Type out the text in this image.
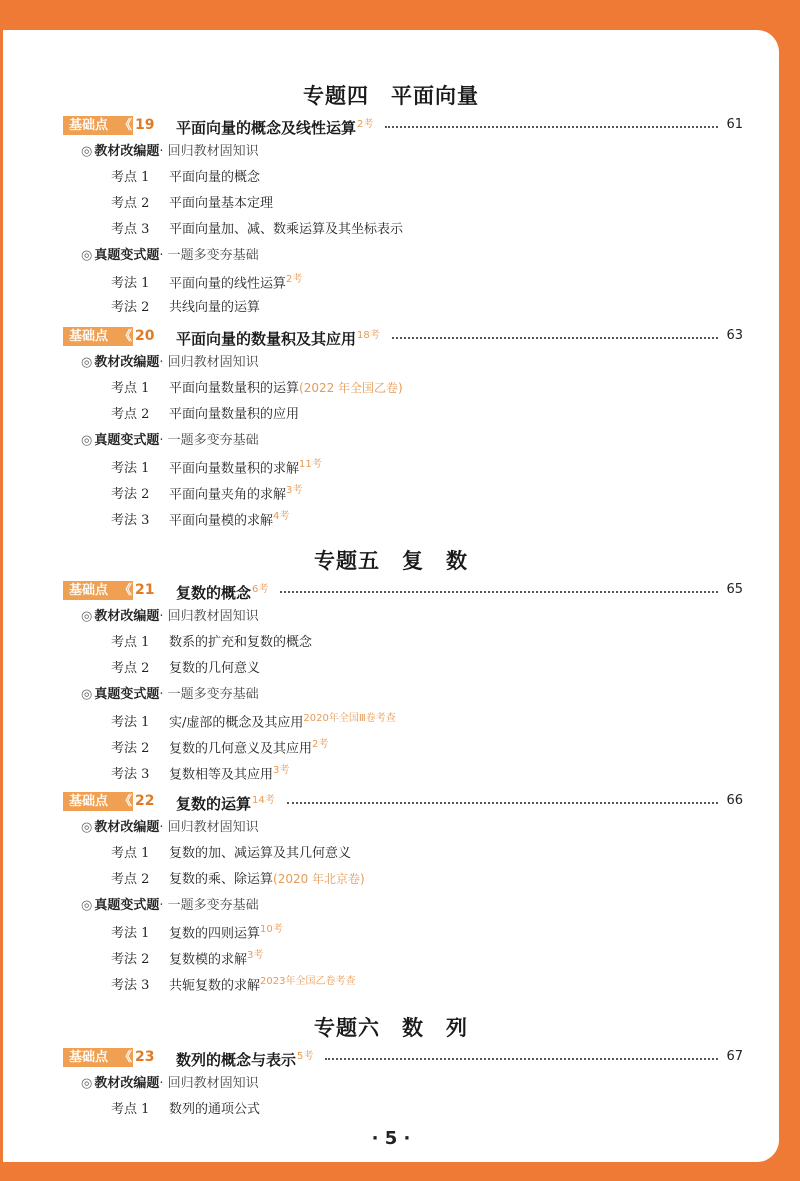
专题四　平面向量
基础点 《 19 平面向量的概念及线性运算$^{2考}$	61
◎ 教材改编题· 回归教材固知识
考点 1 平面向量的概念
考点 2 平面向量基本定理
考点 3 平面向量加、减、数乘运算及其坐标表示
◎ 真题变式题· 一题多变夯基础
考法 1 平面向量的线性运算$^{2考}$
考法 2 共线向量的运算
基础点 《 20 平面向量的数量积及其应用$^{18考}$	63
◎ 教材改编题· 回归教材固知识
考点 1 平面向量数量积的运算(2022 年全国乙卷)
考点 2 平面向量数量积的应用
◎ 真题变式题· 一题多变夯基础
考法 1 平面向量数量积的求解$^{11考}$
考法 2 平面向量夹角的求解$^{3考}$
考法 3 平面向量模的求解$^{4考}$
专题五　复　数
基础点 《 21 复数的概念$^{6考}$	65
◎ 教材改编题· 回归教材固知识
考点 1 数系的扩充和复数的概念
考点 2 复数的几何意义
◎ 真题变式题· 一题多变夯基础
考法 1 实/虚部的概念及其应用$^{2020年全国Ⅲ卷考查}$
考法 2 复数的几何意义及其应用$^{2考}$
考法 3 复数相等及其应用$^{3考}$
基础点 《 22 复数的运算$^{14考}$	66
◎ 教材改编题· 回归教材固知识
考点 1 复数的加、减运算及其几何意义
考点 2 复数的乘、除运算(2020 年北京卷)
◎ 真题变式题· 一题多变夯基础
考法 1 复数的四则运算$^{10考}$
考法 2 复数模的求解$^{3考}$
考法 3 共轭复数的求解$^{2023年全国乙卷考查}$
专题六　数　列
基础点 《 23 数列的概念与表示$^{5考}$	67
◎ 教材改编题· 回归教材固知识
考点 1 数列的通项公式
· 5 ·
